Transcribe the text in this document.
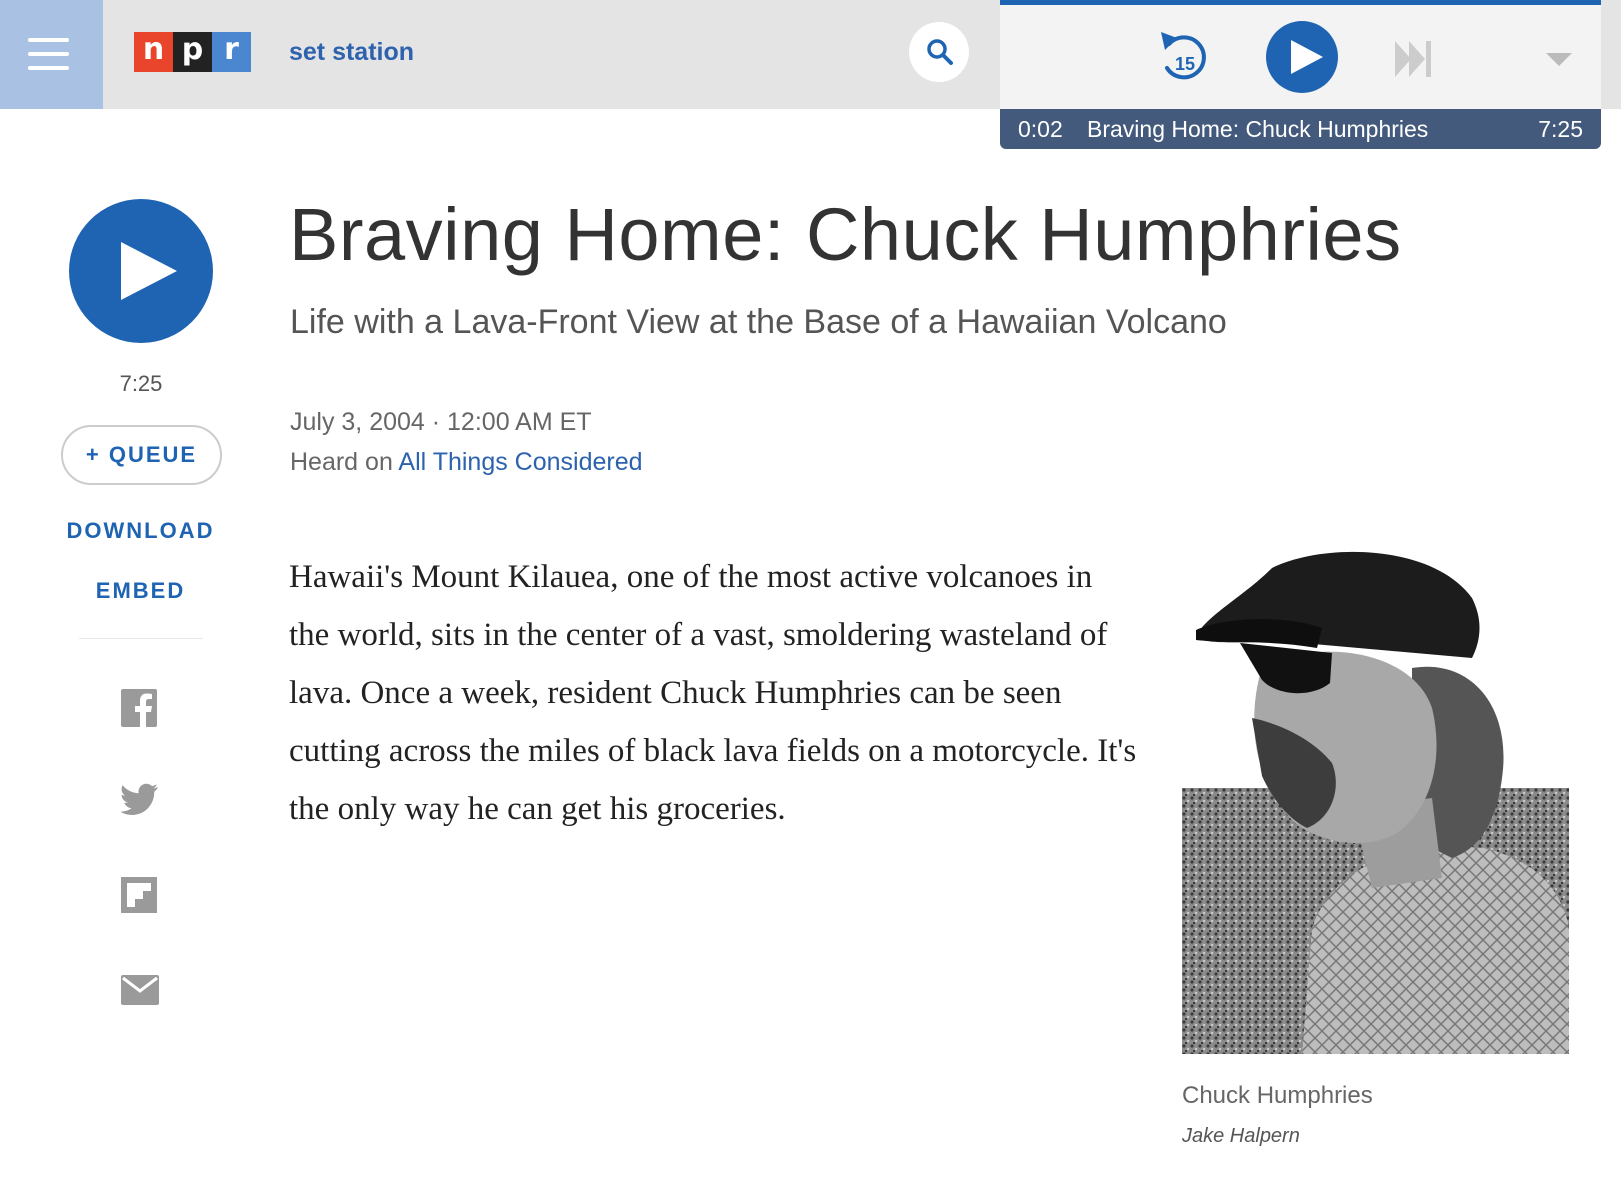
n p r	set station	15
0:02 Braving Home: Chuck Humphries	7:25
7:25
+ QUEUE
DOWNLOAD
EMBED
Braving Home: Chuck Humphries
Life with a Lava-Front View at the Base of a Hawaiian Volcano
July 3, 2004 · 12:00 AM ET
Heard on All Things Considered

Hawaii's Mount Kilauea, one of the most active volcanoes in the world, sits in the center of a vast, smoldering wasteland of lava. Once a week, resident Chuck Humphries can be seen cutting across the miles of black lava fields on a motorcycle. It's the only way he can get his groceries.

Chuck Humphries
Jake Halpern
